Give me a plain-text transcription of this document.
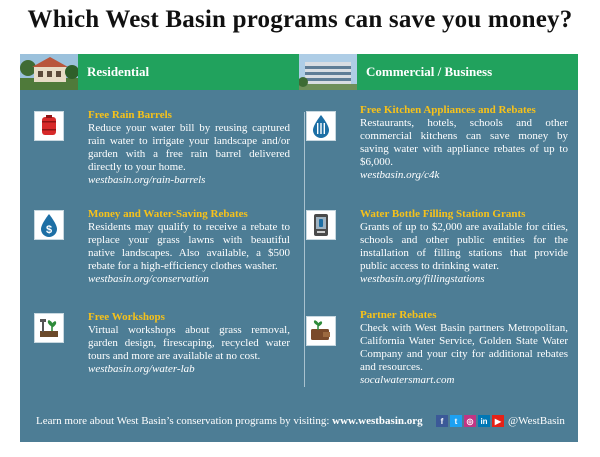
Which West Basin programs can save you money?
Residential	Commercial / Business
Free Rain Barrels
Reduce your water bill by reusing captured rain water to irrigate your landscape and/or garden with a free rain barrel delivered directly to your home.
westbasin.org/rain-barrels
$
Money and Water-Saving Rebates
Residents may qualify to receive a rebate to replace your grass lawns with beautiful native landscapes. Also available, a $500 rebate for a high-efficiency clothes washer.
westbasin.org/conservation
Free Workshops
Virtual workshops about grass removal, garden design, firescaping, recycled water tours and more are available at no cost.
westbasin.org/water-lab
Free Kitchen Appliances and Rebates
Restaurants, hotels, schools and other commercial kitchens can save money by saving water with appliance rebates of up to $6,000.
westbasin.org/c4k
Water Bottle Filling Station Grants
Grants of up to $2,000 are available for cities, schools and other public entities for the installation of filling stations that provide public access to drinking water.
westbasin.org/fillingstations
Partner Rebates
Check with West Basin partners Metropolitan, California Water Service, Golden State Water Company and your city for additional rebates and resources.
socalwatersmart.com
Learn more about West Basin’s conservation programs by visiting: www.westbasin.org	f	t	◎ in ▶ @WestBasin
